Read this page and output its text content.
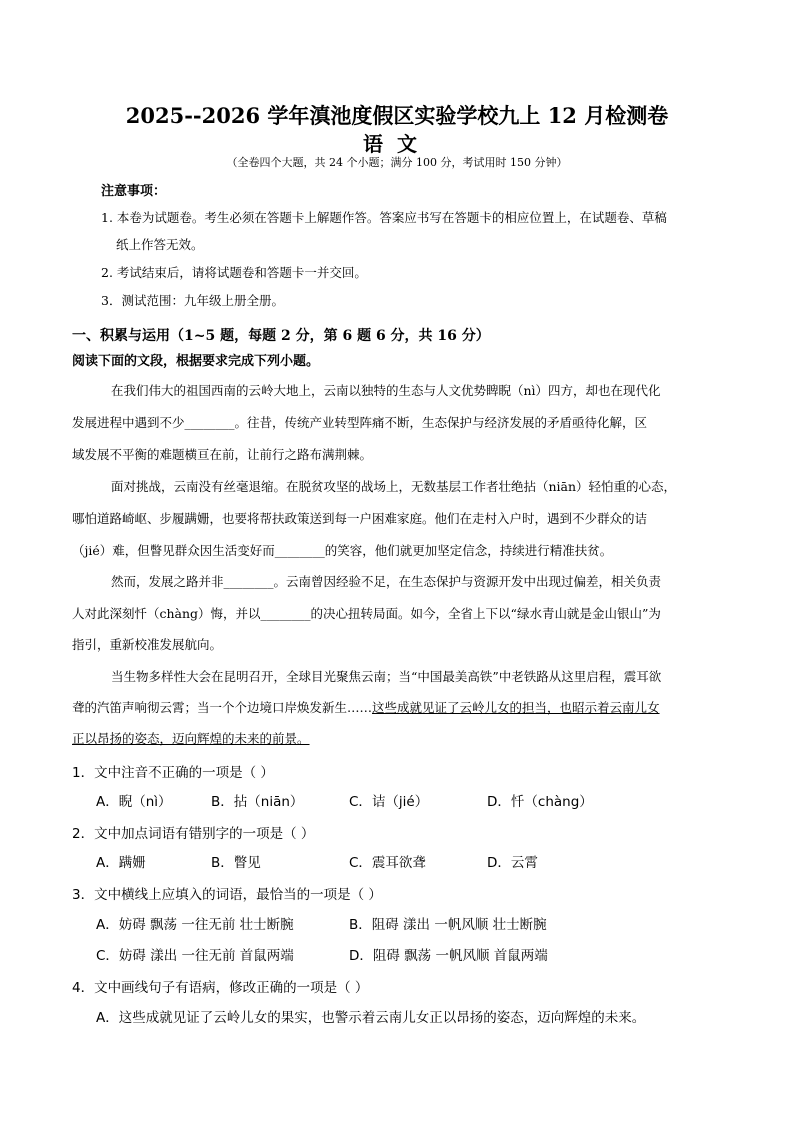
2025--2026 学年滇池度假区实验学校九上 12 月检测卷
语文
（全卷四个大题，共 24 个小题；满分 100 分，考试用时 150 分钟）
注意事项：
1. 本卷为试题卷。考生必须在答题卡上解题作答。答案应书写在答题卡的相应位置上，在试题卷、草稿
纸上作答无效。
2. 考试结束后，请将试题卷和答题卡一并交回。
3．测试范围：九年级上册全册。
一、积累与运用（1~5 题，每题 2 分，第 6 题 6 分，共 16 分）
阅读下面的文段，根据要求完成下列小题。
在我们伟大的祖国西南的云岭大地上，云南以独特的生态与人文优势睥睨（nì）四方，却也在现代化
发展进程中遇到不少________。往昔，传统产业转型阵痛不断，生态保护与经济发展的矛盾亟待化解，区
域发展不平衡的难题横亘在前，让前行之路布满荆棘。
面对挑战，云南没有丝毫退缩。在脱贫攻坚的战场上，无数基层工作者壮绝拈（niān）轻怕重的心态，
哪怕道路崎岖、步履蹒姗，也要将帮扶政策送到每一户困难家庭。他们在走村入户时，遇到不少群众的诘
（jié）难，但瞥见群众因生活变好而________的笑容，他们就更加坚定信念，持续进行精准扶贫。
然而，发展之路并非________。云南曾因经验不足，在生态保护与资源开发中出现过偏差，相关负责
人对此深刻忏（chàng）悔，并以________的决心扭转局面。如今，全省上下以“绿水青山就是金山银山”为
指引，重新校准发展航向。
当生物多样性大会在昆明召开，全球目光聚焦云南；当“中国最美高铁”中老铁路从这里启程，震耳欲
聋的汽笛声响彻云霄；当一个个边境口岸焕发新生……这些成就见证了云岭儿女的担当，也昭示着云南儿女
正以昂扬的姿态，迈向辉煌的未来的前景。
1．文中注音不正确的一项是（ ）
A．睨（nì）	B．拈（niān）	C．诘（jié）	D．忏（chàng）
2．文中加点词语有错别字的一项是（ ）
A．蹒姗	B．瞥见	C．震耳欲聋	D．云霄
3．文中横线上应填入的词语，最恰当的一项是（ ）
A．妨碍 飘荡 一往无前 壮士断腕	B．阻碍 漾出 一帆风顺 壮士断腕
C．妨碍 漾出 一往无前 首鼠两端	D．阻碍 飘荡 一帆风顺 首鼠两端
4．文中画线句子有语病，修改正确的一项是（ ）
A．这些成就见证了云岭儿女的果实，也警示着云南儿女正以昂扬的姿态，迈向辉煌的未来。
